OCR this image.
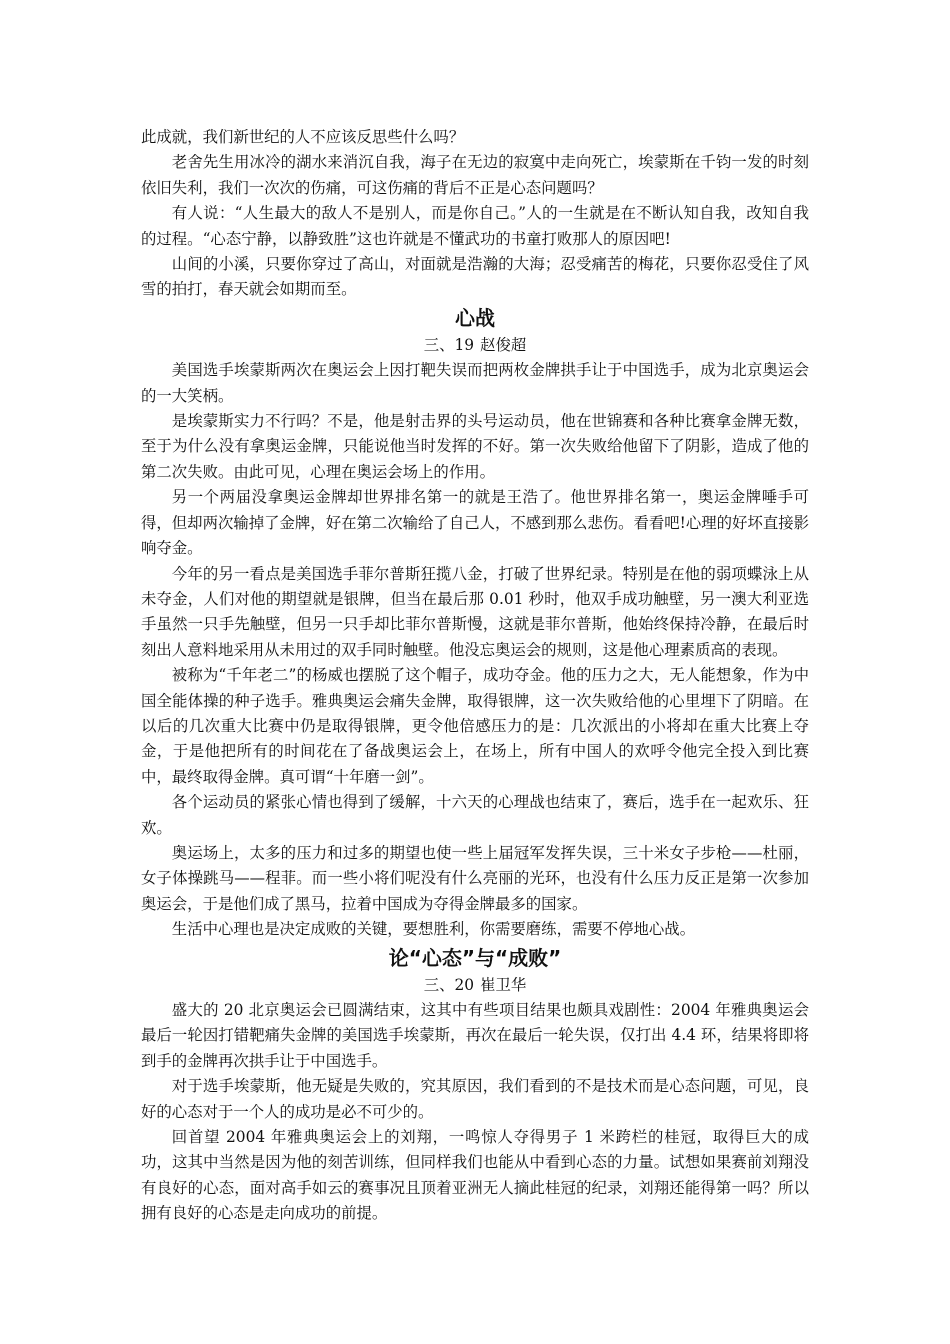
此成就，我们新世纪的人不应该反思些什么吗？

老舍先生用冰冷的湖水来消沉自我，海子在无边的寂寞中走向死亡，埃蒙斯在千钧一发的时刻依旧失利，我们一次次的伤痛，可这伤痛的背后不正是心态问题吗？

有人说：“人生最大的敌人不是别人，而是你自己。”人的一生就是在不断认知自我，改知自我的过程。“心态宁静，以静致胜”这也许就是不懂武功的书童打败那人的原因吧!

山间的小溪，只要你穿过了高山，对面就是浩瀚的大海；忍受痛苦的梅花，只要你忍受住了风雪的拍打，春天就会如期而至。

心战
三、19 赵俊超

美国选手埃蒙斯两次在奥运会上因打靶失误而把两枚金牌拱手让于中国选手，成为北京奥运会的一大笑柄。

是埃蒙斯实力不行吗？不是，他是射击界的头号运动员，他在世锦赛和各种比赛拿金牌无数，至于为什么没有拿奥运金牌，只能说他当时发挥的不好。第一次失败给他留下了阴影，造成了他的第二次失败。由此可见，心理在奥运会场上的作用。

另一个两届没拿奥运金牌却世界排名第一的就是王浩了。他世界排名第一，奥运金牌唾手可得，但却两次输掉了金牌，好在第二次输给了自己人，不感到那么悲伤。看看吧!心理的好坏直接影响夺金。

今年的另一看点是美国选手菲尔普斯狂揽八金，打破了世界纪录。特别是在他的弱项蝶泳上从未夺金，人们对他的期望就是银牌，但当在最后那 0.01 秒时，他双手成功触壁，另一澳大利亚选手虽然一只手先触壁，但另一只手却比菲尔普斯慢，这就是菲尔普斯，他始终保持冷静，在最后时刻出人意料地采用从未用过的双手同时触壁。他没忘奥运会的规则，这是他心理素质高的表现。

被称为“千年老二”的杨威也摆脱了这个帽子，成功夺金。他的压力之大，无人能想象，作为中国全能体操的种子选手。雅典奥运会痛失金牌，取得银牌，这一次失败给他的心里埋下了阴暗。在以后的几次重大比赛中仍是取得银牌，更令他倍感压力的是：几次派出的小将却在重大比赛上夺金，于是他把所有的时间花在了备战奥运会上，在场上，所有中国人的欢呼令他完全投入到比赛中，最终取得金牌。真可谓“十年磨一剑”。

各个运动员的紧张心情也得到了缓解，十六天的心理战也结束了，赛后，选手在一起欢乐、狂欢。

奥运场上，太多的压力和过多的期望也使一些上届冠军发挥失误，三十米女子步枪——杜丽，女子体操跳马——程菲。而一些小将们呢没有什么亮丽的光环，也没有什么压力反正是第一次参加奥运会，于是他们成了黑马，拉着中国成为夺得金牌最多的国家。

生活中心理也是决定成败的关键，要想胜利，你需要磨练，需要不停地心战。

论“心态”与“成败”
三、20 崔卫华

盛大的 20 北京奥运会已圆满结束，这其中有些项目结果也颇具戏剧性：2004 年雅典奥运会最后一轮因打错靶痛失金牌的美国选手埃蒙斯，再次在最后一轮失误，仅打出 4.4 环，结果将即将到手的金牌再次拱手让于中国选手。

对于选手埃蒙斯，他无疑是失败的，究其原因，我们看到的不是技术而是心态问题，可见，良好的心态对于一个人的成功是必不可少的。

回首望 2004 年雅典奥运会上的刘翔，一鸣惊人夺得男子 1 米跨栏的桂冠，取得巨大的成功，这其中当然是因为他的刻苦训练，但同样我们也能从中看到心态的力量。试想如果赛前刘翔没有良好的心态，面对高手如云的赛事况且顶着亚洲无人摘此桂冠的纪录，刘翔还能得第一吗？所以拥有良好的心态是走向成功的前提。
